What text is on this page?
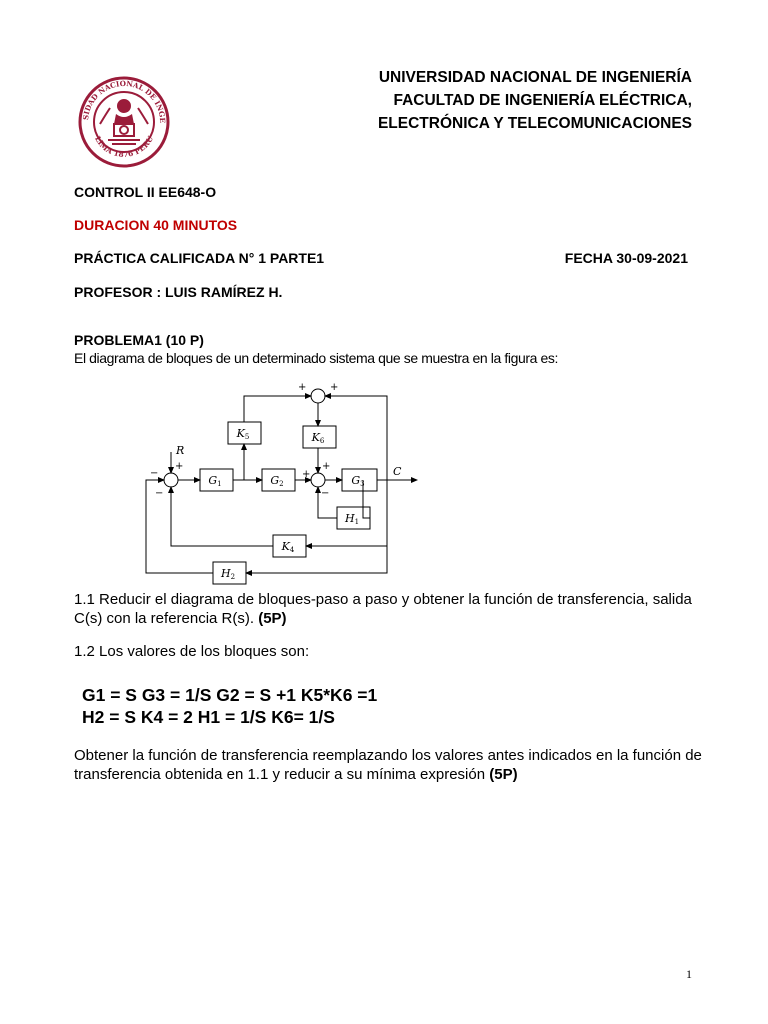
SIDAD NACIONAL DE INGE
LIMA 1876 PERU
UNIVERSIDAD NACIONAL DE INGENIERÍA
FACULTAD DE INGENIERÍA ELÉCTRICA,
ELECTRÓNICA Y TELECOMUNICACIONES
CONTROL II EE648-O
DURACION 40 MINUTOS
PRÁCTICA CALIFICADA N° 1 PARTE1	FECHA 30-09-2021
PROFESOR : LUIS RAMÍREZ H.
PROBLEMA1 (10 P)
El diagrama de bloques de un determinado sistema que se muestra en la figura es:
G1	G2	G3
K5	K6
H1
K4
H2
R
C
−
+
−
+
+
−
+ +
1.1 Reducir el diagrama de bloques-paso a paso y obtener la función de transferencia, salida C(s) con la referencia R(s). (5P)
1.2 Los valores de los bloques son:
G1 = S G3 = 1/S G2 = S +1 K5*K6 =1
H2 = S K4 = 2 H1 = 1/S K6= 1/S
Obtener la función de transferencia reemplazando los valores antes indicados en la función de transferencia obtenida en 1.1 y reducir a su mínima expresión (5P)
1
